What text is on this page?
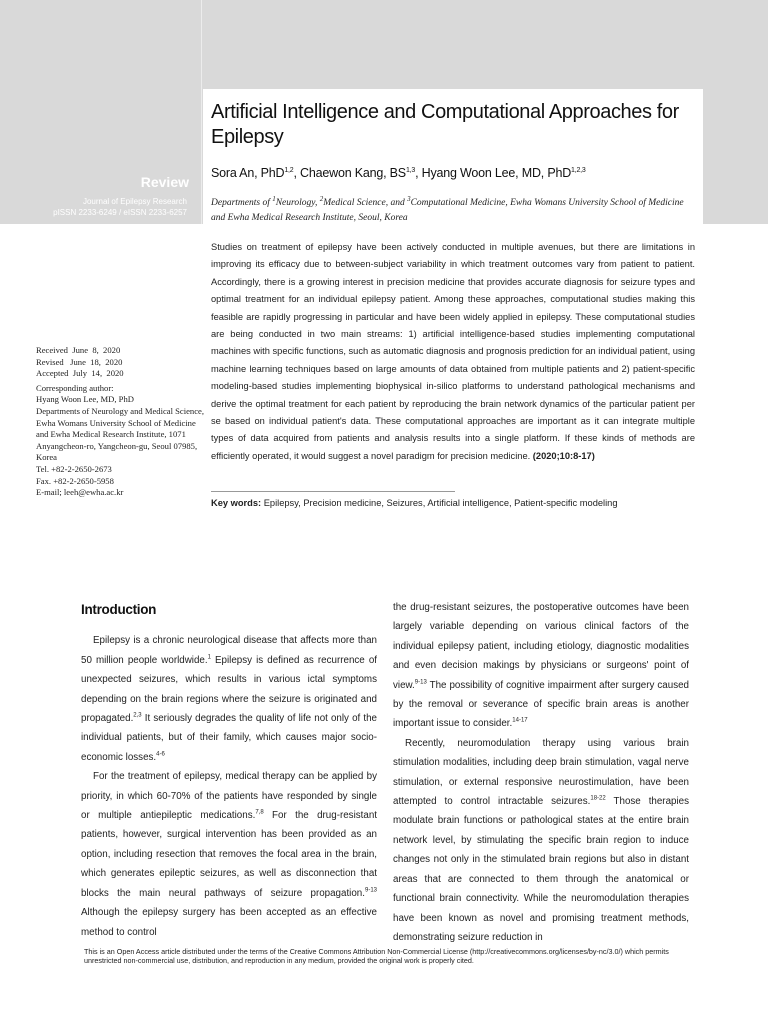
Review
Journal of Epilepsy Research
pISSN 2233-6249 / eISSN 2233-6257
Artificial Intelligence and Computational Approaches for Epilepsy
Sora An, PhD$^{1,2}$, Chaewon Kang, BS$^{1,3}$, Hyang Woon Lee, MD, PhD$^{1,2,3}$
Departments of $^1$Neurology, $^2$Medical Science, and $^3$Computational Medicine, Ewha Womans University School of Medicine and Ewha Medical Research Institute, Seoul, Korea
Received  June  8,  2020
Revised   June  18,  2020
Accepted  July  14,  2020
Corresponding author:
Hyang Woon Lee, MD, PhD
Departments of Neurology and Medical Science, Ewha Womans University School of Medicine and Ewha Medical Research Institute, 1071 Anyangcheon-ro, Yangcheon-gu, Seoul 07985, Korea
Tel. +82-2-2650-2673
Fax. +82-2-2650-5958
E-mail; leeh@ewha.ac.kr
Studies on treatment of epilepsy have been actively conducted in multiple avenues, but there are limitations in improving its efficacy due to between-subject variability in which treatment outcomes vary from patient to patient. Accordingly, there is a growing interest in precision medicine that provides accurate diagnosis for seizure types and optimal treatment for an individual epilepsy patient. Among these approaches, computational studies making this feasible are rapidly progressing in particular and have been widely applied in epilepsy. These computational studies are being conducted in two main streams: 1) artificial intelligence-based studies implementing computational machines with specific functions, such as automatic diagnosis and prognosis prediction for an individual patient, using machine learning techniques based on large amounts of data obtained from multiple patients and 2) patient-specific modeling-based studies implementing biophysical in-silico platforms to understand pathological mechanisms and derive the optimal treatment for each patient by reproducing the brain network dynamics of the particular patient per se based on individual patient's data. These computational approaches are important as it can integrate multiple types of data acquired from patients and analysis results into a single platform. If these kinds of methods are efficiently operated, it would suggest a novel paradigm for precision medicine. (2020;10:8-17)
Key words: Epilepsy, Precision medicine, Seizures, Artificial intelligence, Patient-specific modeling
Introduction

Epilepsy is a chronic neurological disease that affects more than 50 million people worldwide.$^1$ Epilepsy is defined as recurrence of unexpected seizures, which results in various ictal symptoms depending on the brain regions where the seizure is originated and propagated.$^{2,3}$ It seriously degrades the quality of life not only of the individual patients, but of their family, which causes major socio-economic losses.$^{4-6}$

For the treatment of epilepsy, medical therapy can be applied by priority, in which 60-70% of the patients have responded by single or multiple antiepileptic medications.$^{7,8}$ For the drug-resistant patients, however, surgical intervention has been provided as an option, including resection that removes the focal area in the brain, which generates epileptic seizures, as well as disconnection that blocks the main neural pathways of seizure propagation.$^{9-13}$ Although the epilepsy surgery has been accepted as an effective method to control

the drug-resistant seizures, the postoperative outcomes have been largely variable depending on various clinical factors of the individual epilepsy patient, including etiology, diagnostic modalities and even decision makings by physicians or surgeons' point of view.$^{9-13}$ The possibility of cognitive impairment after surgery caused by the removal or severance of specific brain areas is another important issue to consider.$^{14-17}$

Recently, neuromodulation therapy using various brain stimulation modalities, including deep brain stimulation, vagal nerve stimulation, or external responsive neurostimulation, have been attempted to control intractable seizures.$^{18-22}$ Those therapies modulate brain functions or pathological states at the entire brain network level, by stimulating the specific brain region to induce changes not only in the stimulated brain regions but also in distant areas that are connected to them through the anatomical or functional brain connectivity. While the neuromodulation therapies have been known as novel and promising treatment methods, demonstrating seizure reduction in

This is an Open Access article distributed under the terms of the Creative Commons Attribution Non-Commercial License (http://creativecommons.org/licenses/by-nc/3.0/) which permits unrestricted non-commercial use, distribution, and reproduction in any medium, provided the original work is properly cited.
